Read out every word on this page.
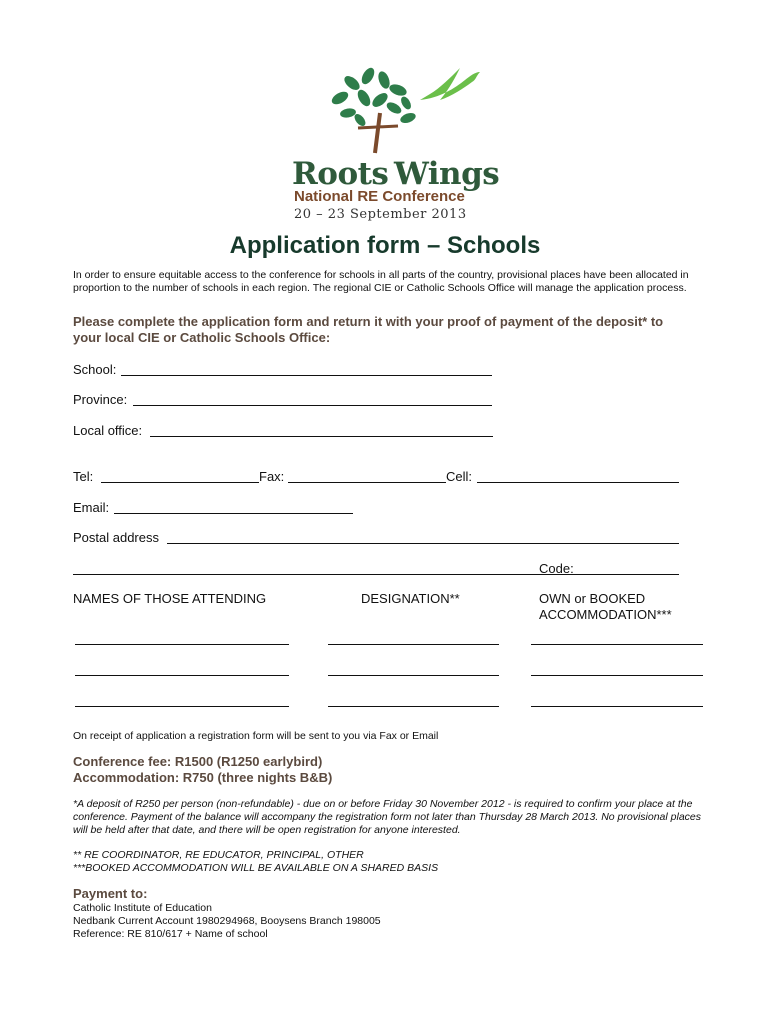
Roots Wings
National RE Conference
20 – 23 September 2013
Application form – Schools
In order to ensure equitable access to the conference for schools in all parts of the country, provisional places have been allocated in proportion to the number of schools in each region. The regional CIE or Catholic Schools Office will manage the application process.
Please complete the application form and return it with your proof of payment of the deposit* to your local CIE or Catholic Schools Office:
School:
Province:
Local office:
Tel:	Fax:	Cell:
Email:
Postal address
Code:
NAMES OF THOSE ATTENDING	DESIGNATION**	OWN or BOOKED
ACCOMMODATION***
On receipt of application a registration form will be sent to you via Fax or Email
Conference fee: R1500 (R1250 earlybird)
Accommodation: R750 (three nights B&B)
*A deposit of R250 per person (non-refundable) - due on or before Friday 30 November 2012 - is required to confirm your place at the conference. Payment of the balance will accompany the registration form not later than Thursday 28 March 2013. No provisional places will be held after that date, and there will be open registration for anyone interested.
** RE COORDINATOR, RE EDUCATOR, PRINCIPAL, OTHER
***BOOKED ACCOMMODATION WILL BE AVAILABLE ON A SHARED BASIS
Payment to:
Catholic Institute of Education
Nedbank Current Account 1980294968, Booysens Branch 198005
Reference: RE 810/617 + Name of school
